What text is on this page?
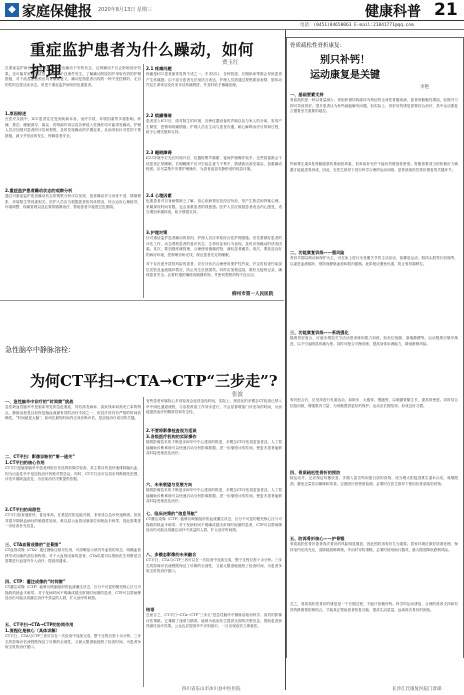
◆ 家庭保健报 2020年8月13日 星期三	健康科普 21
电话：(0451)84650063 E-mail:21841771@qq.com
重症监护患者为什么躁动，如何护理	贾玉红
在重症监护病房内，患者时常表现出躁动不安的状态，这种躁动不仅会影响治疗效果，还可能导致意外拔管、坠床等不良事件发生。了解躁动的原因并采取有效的护理措施，对于改善患者预后具有重要意义。躁动是指患者出现的一种不受控制的、无目的性的过度活动状态，常见于重症监护病房的危重患者。
1.原因综述
在医疗实践中，ICU患者往往受到疾病本身、治疗手段、环境因素等多重影响。疼痛、焦虑、睡眠剥夺、谵妄、药物副作用以及各种侵入性操作均可能诱发躁动。护理人员应加强对患者的评估和观察，及时发现躁动的早期征象，从而采取针对性的干预措施，减少并发症的发生，保障患者安全。
2.重症监护患者躁动状态的观察分析
通过对重症监护患者躁动状态的观察分析可以发现，患者躁动多与身体不适、情绪紧张、环境陌生等因素相关。医护人员应当根据患者的具体情况，综合运用心理疏导、环境调整、疼痛管理以及必要的镇静治疗，帮助患者平稳度过危重期。
2.1 疼痛问题
疼痛是ICU患者最常见的不适之一。手术切口、各种管道、长期卧床等都会导致患者产生疼痛感。由于部分患者无法用语言表达，护理人员需通过观察面部表情、肢体动作及生命体征变化来评估疼痛程度，并及时给予镇痛处理。
2.2 烦躁情绪
患者进入ICU后，面对陌生的环境、各种仪器设备的声响以及与家人的分离，容易产生紧张、恐惧和烦躁情绪。护理人员应主动与患者沟通，耐心解释治疗目的和过程，给予心理安慰和支持。
2.3 睡眠障碍
ICU环境中灯光长时间开启、仪器报警声频繁、夜间护理操作较多，这些因素都会干扰患者正常睡眠。长期睡眠不足可引起注意力不集中、情绪波动甚至谵妄，加重躁动程度。应尽量集中安排护理操作，为患者创造安静舒适的休息环境。
2.4 心理因素
危重患者对自身病情缺乏了解，担心疾病预后及经济负担，易产生焦虑和抑郁心理。家属探视时间有限，也会加重患者的孤独感。医护人员应鼓励患者表达内心感受，适当增加家属探视，给予情感支持。
3.护理对策
针对重症监护患者躁动的原因，护理人员应采取综合性护理措施。首先要做好患者的评估工作，动态观察患者的意识状态、生命体征和行为表现，及时识别躁动的诱发因素。其次，要加强疼痛管理，合理使用镇痛药物，减轻患者痛苦。再次，要营造良好的病房环境，控制噪音和光线，保证患者充足的睡眠。
对于存在意外拔管风险的患者，应在评估后合理使用保护性约束，并定时检查约束部位皮肤及血液循环情况，防止发生皮肤损伤。同时应加强巡视，做好交接班记录，确保患者安全。必要时遵医嘱使用镇静药物，并密切观察药物不良反应。
柳州市第一人民医院
急性脑卒中静脉溶栓：
为何CT平扫→CTA→CTP“三步走”?
张波
一、急性脑卒中诊疗的“时间窗”挑战
急性缺血性脑卒中是临床常见的急危重症，具有高发病率、高致残率和高死亡率的特点。静脉溶栓是目前恢复脑血流最有效的治疗手段之一，但其疗效具有严格的时间依赖性。“时间就是大脑”，如何在最短时间内完成诊断评估，是溶栓治疗成功的关键。
二、CT平扫：影像诊断的“第一道关”
1.CT平扫的核心作用
CT平扫是疑似脑卒中患者到院后首选的影像学检查。其主要目的是快速排除脑出血，因为出血性卒中是溶栓治疗的绝对禁忌证。同时，CT平扫还可以初步判断梗死范围，评估早期缺血改变，为后续治疗决策提供依据。
2.CT平扫的局限性
CT平扫检查速度快、普及率高，在基层医院也能开展，非常适合急诊快速筛查。但其对超早期缺血病灶的敏感性较低，难以显示血管闭塞部位和缺血半暗带，因此需要进一步检查补充信息。
三、CTA血管成像的“全景图”
CT血管成像（CTA）通过静脉注射对比剂，可清晰显示颅内外血管的形态，明确血管狭窄或闭塞的部位和程度。对于大血管闭塞的患者，CTA结果可以帮助医生判断是否需要进行血管内介入治疗，提高再通率。
四、CTP：灌注成像的“时间窗”
CT灌注成像（CTP）能够反映脑组织的血流灌注状态，区分不可逆的梗死核心区与可挽救的缺血半暗带。对于发病时间不明确或超出常规时间窗的患者，CTP可以帮助筛选出仍可能从再灌注治疗中获益的人群，扩大治疗时间窗。
五、CT平扫→CTA→CTP的协同作用
1.流程化是核心（具体详解）
CT平扫、CTA与CTP三者可以在一次检查中连续完成，整个过程仅需十余分钟。三步走的影像评估流程既保证了诊断的全面性，又最大限度地缩短了检查时间，为患者争取宝贵的治疗窗口。
有些患者家属担心多项检查会延误溶栓时间，实际上，规范化的多模态CT检查已纳入卒中绿色通道流程，与溶栓准备工作同步进行，不会显著增加门诊至用药时间，反而能提高治疗的精准性和安全性。
2.不要将影像检查视为延误
3.各级医疗机构的实际操作
随着影像技术的不断进步和卒中中心建设的推进，多模态CT评估将更加普及。人工智能辅助诊断系统可以快速自动分析影像数据，进一步缩短评估时间，使更多患者能够及时接受规范化治疗。
六、未来展望与发展方向
随着影像技术的不断进步和卒中中心建设的推进，多模态CT评估将更加普及。人工智能辅助诊断系统可以快速自动分析影像数据，进一步缩短评估时间，使更多患者能够及时接受规范化治疗。
七、临床决策的“信息导航”
CT灌注成像（CTP）能够反映脑组织的血流灌注状态，区分不可逆的梗死核心区与可挽救的缺血半暗带。对于发病时间不明确或超出常规时间窗的患者，CTP可以帮助筛选出仍可能从再灌注治疗中获益的人群，扩大治疗时间窗。
八、多模态影像的未来融合
CT平扫、CTA与CTP三者可以在一次检查中连续完成，整个过程仅需十余分钟。三步走的影像评估流程既保证了诊断的全面性，又最大限度地缩短了检查时间，为患者争取宝贵的治疗窗口。
结语
总而言之，CT平扫→CTA→CTP“三步走”是急性脑卒中静脉溶栓前科学、高效的影像评估策略。它兼顾了速度与精准，能够为临床医生提供全面的决策信息，帮助患者获得最佳治疗效果。公众也应提高卒中识别意识，一旦出现症状立即就医。
四川省乐山市沐川县中医医院
骨质疏松性骨折康复：
别只补钙！
运动康复是关键
李艳
一、基础要素支持
骨质疏松是一种以骨量减少、骨组织微结构破坏为特征的全身性骨骼疾病，患者骨骼脆性增加，轻微外力即可导致骨折。很多患者认为补钙就能解决问题，但实际上，骨折后的康复需要综合治疗，其中运动康复占据着至关重要的地位。
钙和维生素D是骨骼健康的基础营养素，但单纯补充并不能有效增加骨密度。骨骼需要适当的机械应力刺激才能促进骨形成，因此，在医生指导下进行科学合理的运动训练，是骨质疏松性骨折康复的关键环节。
二、功能康复训练——强风险
骨折早期以制动和保护为主，可在床上进行未受累关节的主动活动，如踝泵运动、股四头肌等长收缩等，以促进血液循环，预防深静脉血栓和肌肉萎缩。此阶段应避免负重，防止骨折端移位。
三、功能康复训练——系统强化
随着骨折愈合，可逐步增加关节活动度训练和肌力训练，如坐位抬腿、靠墙静蹲等。运动强度应循序渐进，以不引起明显疼痛为度。同时可配合平衡训练，提高身体协调能力，降低跌倒风险。
骨折愈合后，应坚持进行负重运动，如散步、太极拳、慢跑等，以刺激骨骼生长，提高骨密度。同时结合抗阻训练，增强肌肉力量，为骨骼提供更好的保护。运动应长期坚持，形成良好习惯。
四、骨质疏松性骨折的预防
除运动外，还应保证均衡饮食，多摄入富含钙和蛋白质的食物，适当晒太阳促进维生素D合成。戒烟限酒，避免过量饮用咖啡和浓茶。定期进行骨密度检测，必要时在医生指导下使用抗骨质疏松药物。
五、防再骨折核心——护骨锻
骨质疏松性骨折患者再次骨折的风险明显增加，因此预防再骨折尤为重要。居家环境应做好防滑处理，保持室内光线充足，清除地面障碍物。外出时穿防滑鞋，必要时使用助行器具，最大限度降低跌倒风险。
总之，骨质疏松性骨折的康复是一个长期过程，不能只依赖补钙。科学的运动康复、合理的营养支持和有效的跌倒预防相结合，才能真正帮助患者恢复功能，提高生活质量，远离再次骨折的困扰。
长沙江氏康复医院门诊部
